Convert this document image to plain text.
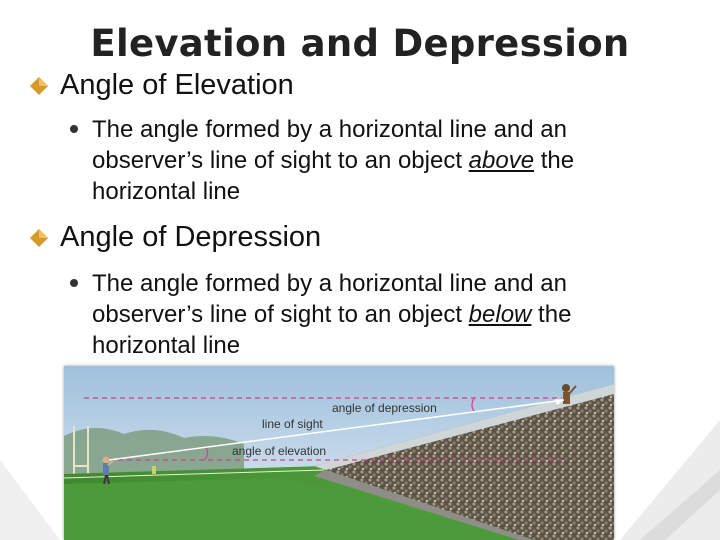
Elevation and Depression
Angle of Elevation
The angle formed by a horizontal line and an observer’s line of sight to an object above the horizontal line
Angle of Depression
The angle formed by a horizontal line and an observer’s line of sight to an object below the horizontal line
angle of depression
line of sight
angle of elevation
